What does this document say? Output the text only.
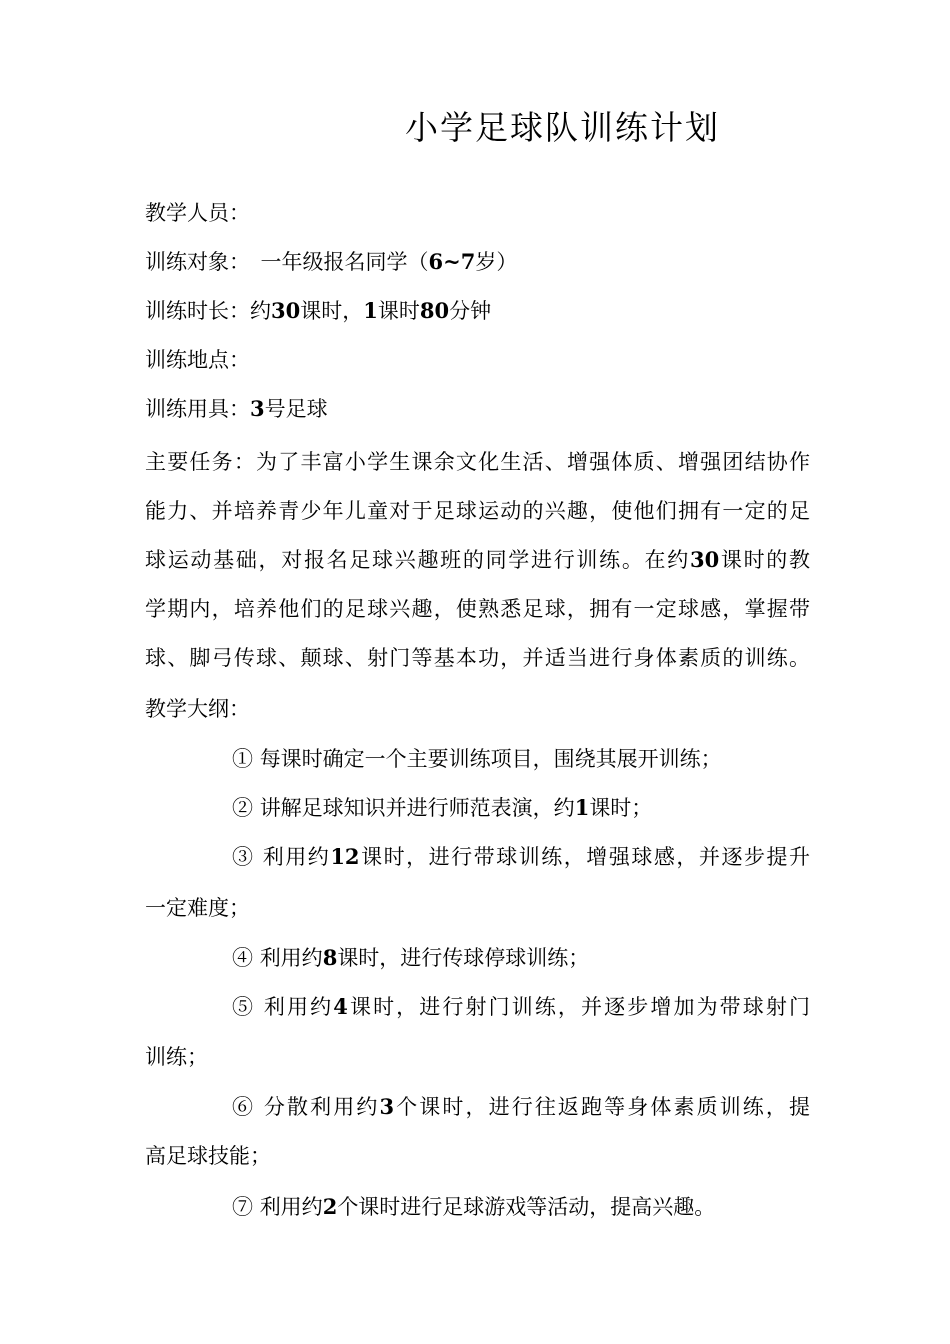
小学足球队训练计划
教学人员：
训练对象：　一年级报名同学（6~7岁）
训练时长：约30课时，1课时80分钟
训练地点：
训练用具：3号足球
主要任务：为了丰富小学生课余文化生活、增强体质、增强团结协作
能力、并培养青少年儿童对于足球运动的兴趣，使他们拥有一定的足
球运动基础，对报名足球兴趣班的同学进行训练。在约30课时的教
学期内，培养他们的足球兴趣，使熟悉足球，拥有一定球感，掌握带
球、脚弓传球、颠球、射门等基本功，并适当进行身体素质的训练。
教学大纲：
① 每课时确定一个主要训练项目，围绕其展开训练；
② 讲解足球知识并进行师范表演，约1课时；
③ 利用约12课时，进行带球训练，增强球感，并逐步提升
一定难度；
④ 利用约8课时，进行传球停球训练；
⑤ 利用约4课时，进行射门训练，并逐步增加为带球射门
训练；
⑥ 分散利用约3个课时，进行往返跑等身体素质训练，提
高足球技能；
⑦ 利用约2个课时进行足球游戏等活动，提高兴趣。
